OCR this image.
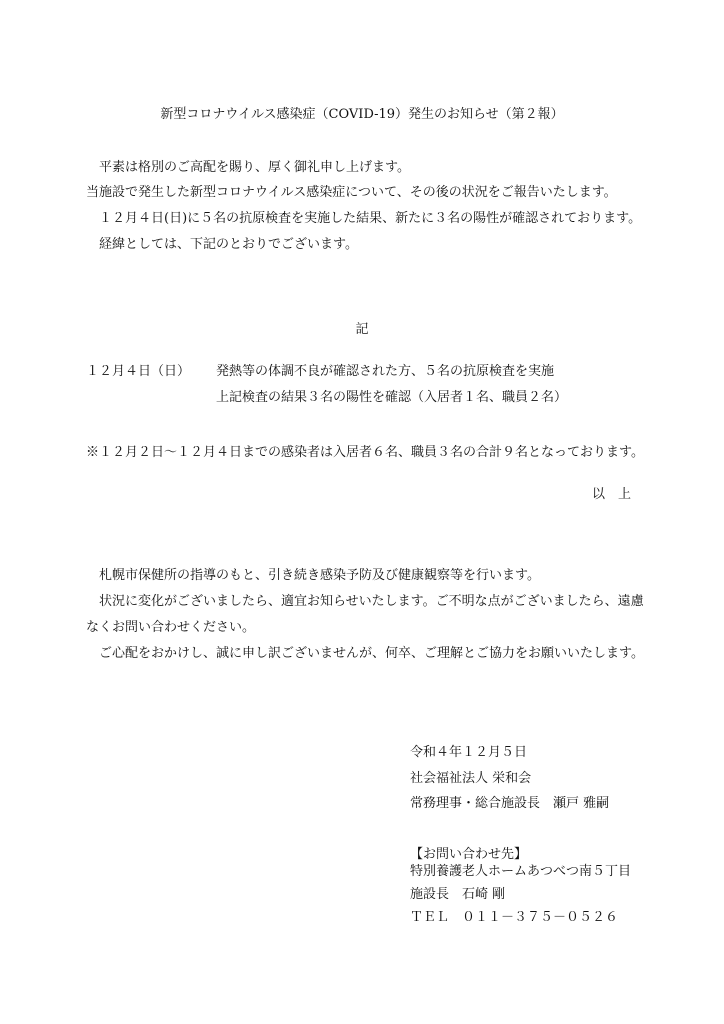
新型コロナウイルス感染症（COVID-19）発生のお知らせ（第２報）
　平素は格別のご高配を賜り、厚く御礼申し上げます。
当施設で発生した新型コロナウイルス感染症について、その後の状況をご報告いたします。
　１２月４日(日)に５名の抗原検査を実施した結果、新たに３名の陽性が確認されております。
　経緯としては、下記のとおりでございます。
記
１２月４日（日） 発熱等の体調不良が確認された方、５名の抗原検査を実施
上記検査の結果３名の陽性を確認（入居者１名、職員２名）
※１２月２日～１２月４日までの感染者は入居者６名、職員３名の合計９名となっております。
以　上
　札幌市保健所の指導のもと、引き続き感染予防及び健康観察等を行います。
　状況に変化がございましたら、適宜お知らせいたします。ご不明な点がございましたら、遠慮
なくお問い合わせください。
　ご心配をおかけし、誠に申し訳ございませんが、何卒、ご理解とご協力をお願いいたします。
令和４年１２月５日
社会福祉法人 栄和会
常務理事・総合施設長　瀬戸 雅嗣
【お問い合わせ先】
特別養護老人ホームあつべつ南５丁目
施設長　石崎 剛
ＴＥＬ　０１１－３７５－０５２６
